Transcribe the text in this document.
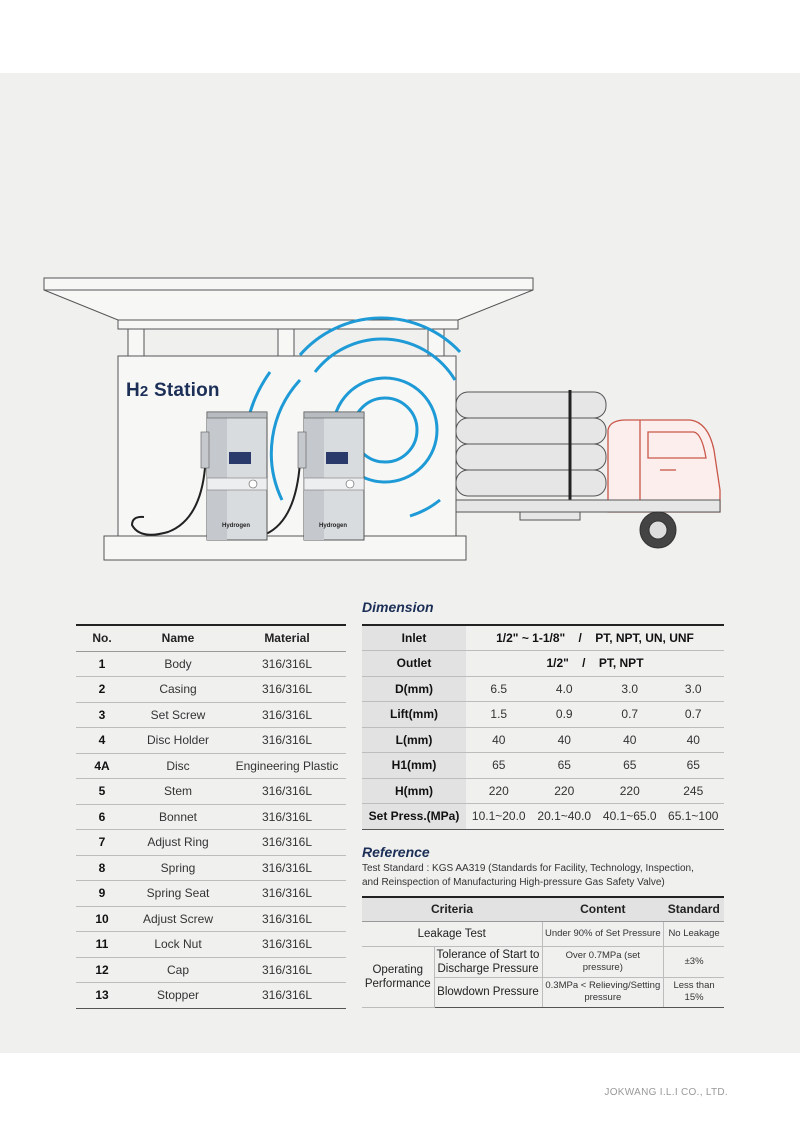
Hydrogen	Hydrogen
H2 Station
No.	Name	Material
1	Body	316/316L
2	Casing	316/316L
3	Set Screw	316/316L
4	Disc Holder	316/316L
4A	Disc	Engineering Plastic
5	Stem	316/316L
6	Bonnet	316/316L
7	Adjust Ring	316/316L
8	Spring	316/316L
9	Spring Seat	316/316L
10	Adjust Screw	316/316L
11	Lock Nut	316/316L
12	Cap	316/316L
13	Stopper	316/316L
Dimension
Inlet	1/2" ~ 1-1/8"    /    PT, NPT, UN, UNF			
Outlet	1/2"    /    PT, NPT			
D(mm)	6.5	4.0	3.0	3.0
Lift(mm)	1.5	0.9	0.7	0.7
L(mm)	40	40	40	40
H1(mm)	65	65	65	65
H(mm)	220	220	220	245
Set Press.(MPa)	10.1~20.0	20.1~40.0	40.1~65.0	65.1~100
Reference
Test Standard : KGS AA319 (Standards for Facility, Technology, Inspection,
and Reinspection of Manufacturing High-pressure Gas Safety Valve)
Criteria		Content	Standard
Leakage Test		Under 90% of Set Pressure	No Leakage
Operating Performance	Tolerance of Start to Discharge Pressure	Over 0.7MPa (set pressure)	±3%
	Blowdown Pressure	0.3MPa < Relieving/Setting pressure	Less than 15%
JOKWANG I.L.I CO., LTD.
